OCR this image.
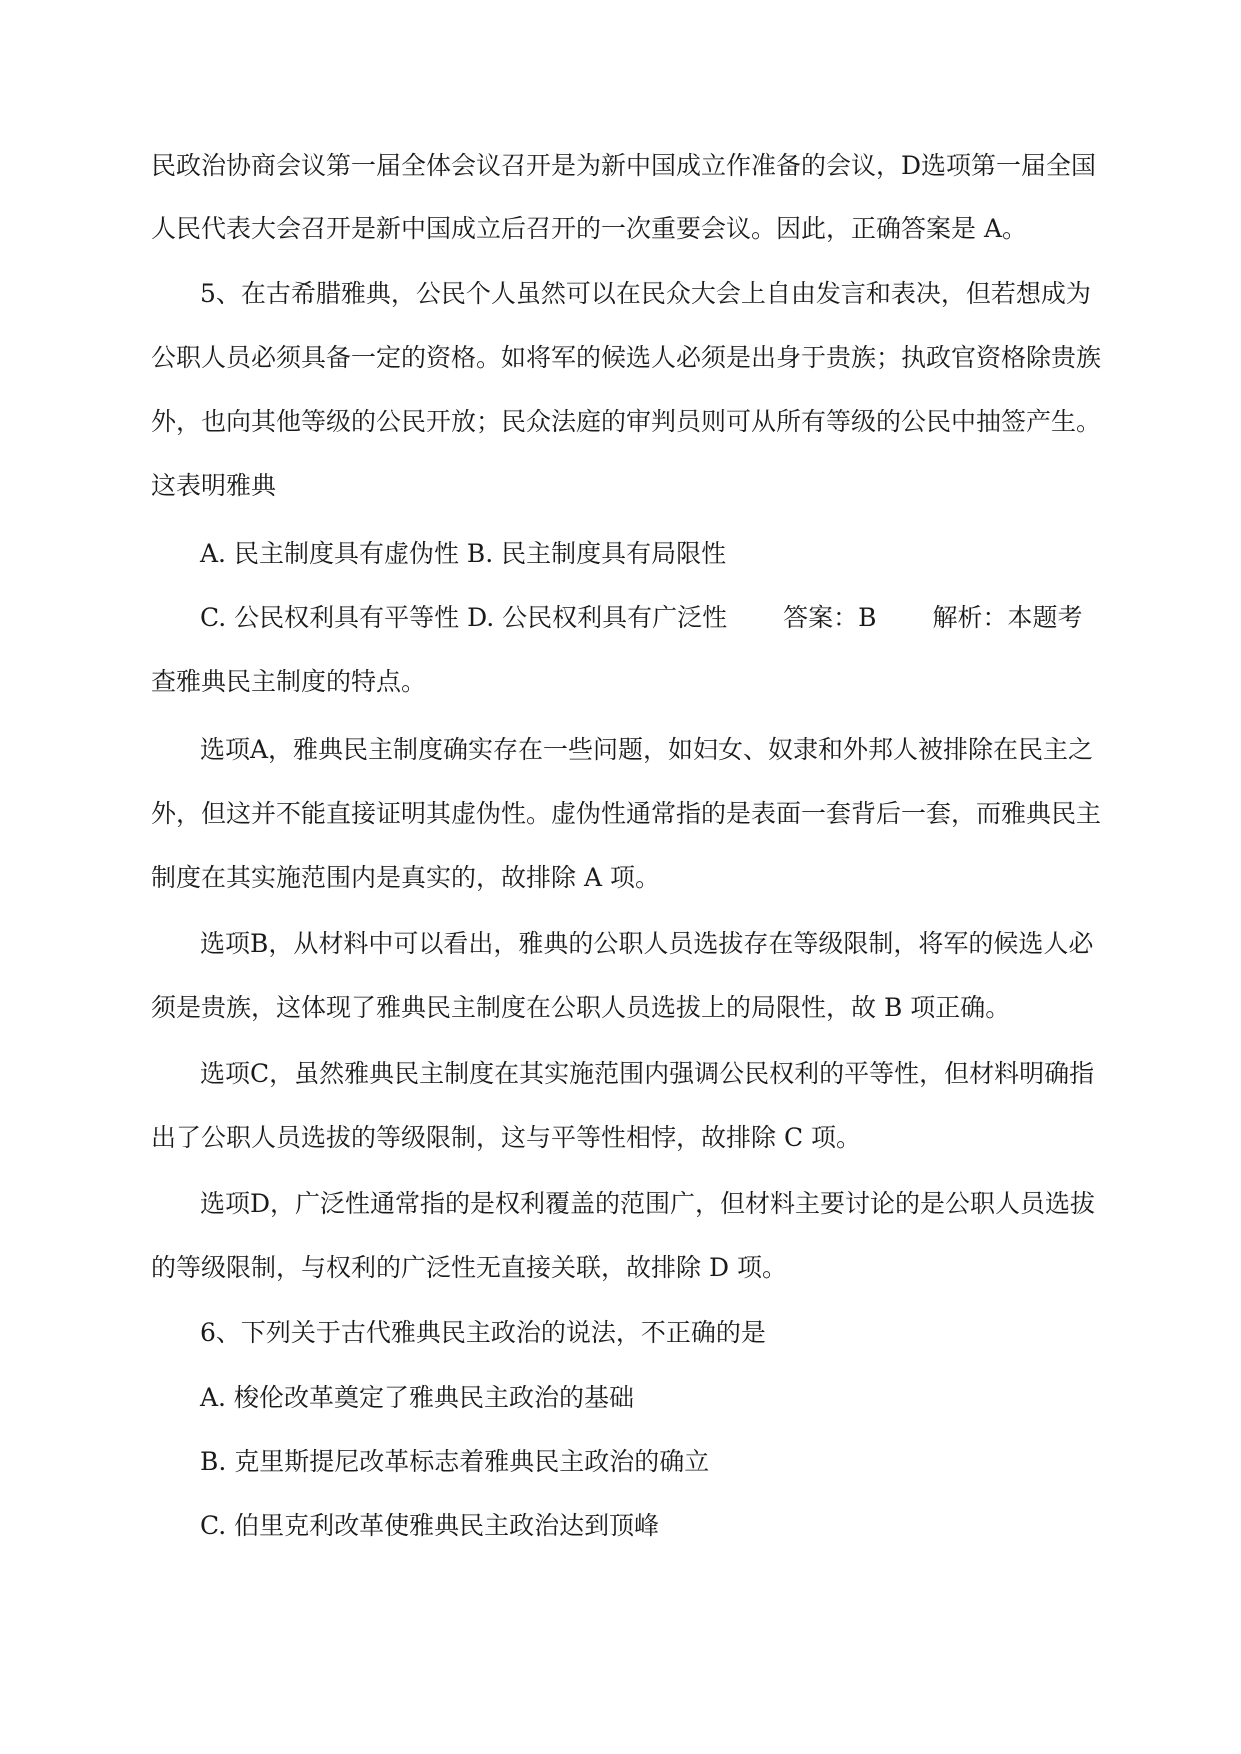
民政治协商会议第一届全体会议召开是为新中国成立作准备的会议，D选项第一届全国
人民代表大会召开是新中国成立后召开的一次重要会议。因此，正确答案是 A。
5、在古希腊雅典，公民个人虽然可以在民众大会上自由发言和表决，但若想成为
公职人员必须具备一定的资格。如将军的候选人必须是出身于贵族；执政官资格除贵族
外，也向其他等级的公民开放；民众法庭的审判员则可从所有等级的公民中抽签产生。
这表明雅典
A. 民主制度具有虚伪性 B. 民主制度具有局限性
C. 公民权利具有平等性 D. 公民权利具有广泛性 答案：B 解析：本题考
查雅典民主制度的特点。
选项A，雅典民主制度确实存在一些问题，如妇女、奴隶和外邦人被排除在民主之
外，但这并不能直接证明其虚伪性。虚伪性通常指的是表面一套背后一套，而雅典民主
制度在其实施范围内是真实的，故排除 A 项。
选项B，从材料中可以看出，雅典的公职人员选拔存在等级限制，将军的候选人必
须是贵族，这体现了雅典民主制度在公职人员选拔上的局限性，故 B 项正确。
选项C，虽然雅典民主制度在其实施范围内强调公民权利的平等性，但材料明确指
出了公职人员选拔的等级限制，这与平等性相悖，故排除 C 项。
选项D，广泛性通常指的是权利覆盖的范围广，但材料主要讨论的是公职人员选拔
的等级限制，与权利的广泛性无直接关联，故排除 D 项。
6、下列关于古代雅典民主政治的说法，不正确的是
A. 梭伦改革奠定了雅典民主政治的基础
B. 克里斯提尼改革标志着雅典民主政治的确立
C. 伯里克利改革使雅典民主政治达到顶峰
